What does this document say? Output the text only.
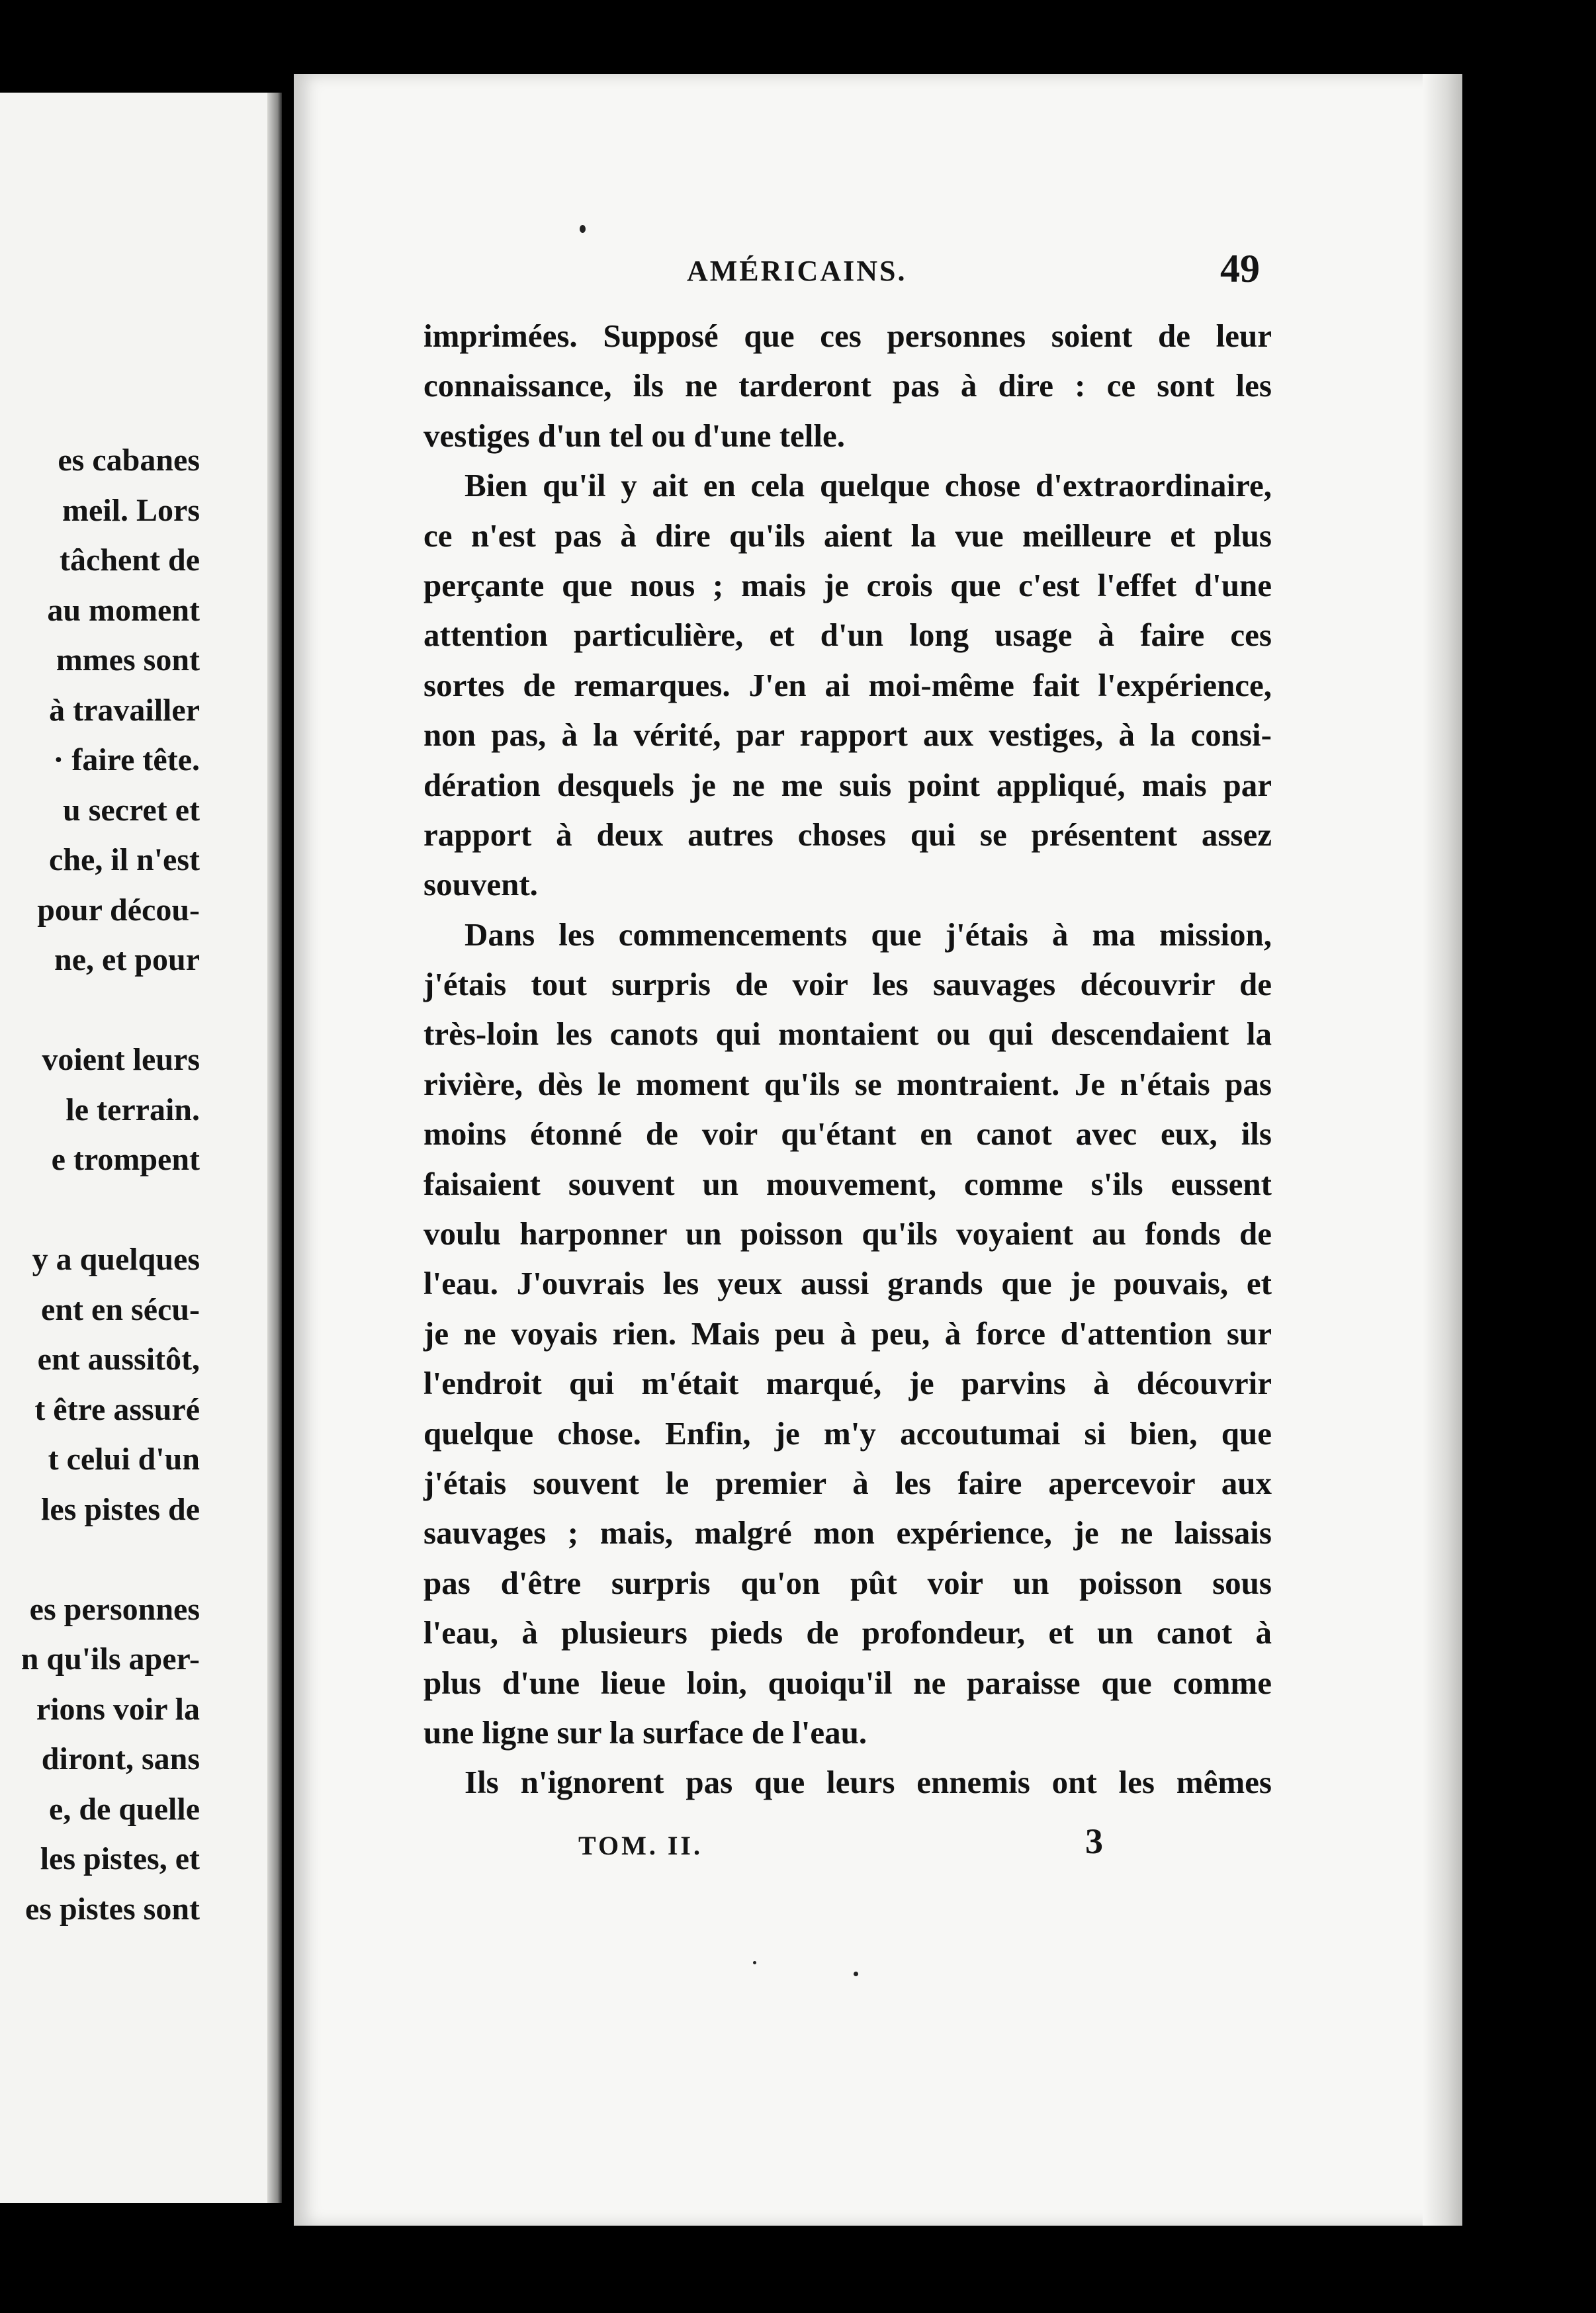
es cabanes
meil. Lors
tâchent de
au moment
mmes sont
à travailler
· faire tête.
u secret et
che, il n'est
pour décou-
ne, et pour
voient leurs
le terrain.
e trompent
y a quelques
ent en sécu-
ent aussitôt,
t être assuré
t celui d'un
les pistes de
es personnes
n qu'ils aper-
rions voir la
diront, sans
e, de quelle
les pistes, et
es pistes sont
AMÉRICAINS.	49
imprimées. Supposé que ces personnes soient de leur
connaissance, ils ne tarderont pas à dire : ce sont les
vestiges d'un tel ou d'une telle.
Bien qu'il y ait en cela quelque chose d'extraordinaire,
ce n'est pas à dire qu'ils aient la vue meilleure et plus
perçante que nous ; mais je crois que c'est l'effet d'une
attention particulière, et d'un long usage à faire ces
sortes de remarques. J'en ai moi-même fait l'expérience,
non pas, à la vérité, par rapport aux vestiges, à la consi-
dération desquels je ne me suis point appliqué, mais par
rapport à deux autres choses qui se présentent assez
souvent.
Dans les commencements que j'étais à ma mission,
j'étais tout surpris de voir les sauvages découvrir de
très-loin les canots qui montaient ou qui descendaient la
rivière, dès le moment qu'ils se montraient. Je n'étais pas
moins étonné de voir qu'étant en canot avec eux, ils
faisaient souvent un mouvement, comme s'ils eussent
voulu harponner un poisson qu'ils voyaient au fonds de
l'eau. J'ouvrais les yeux aussi grands que je pouvais, et
je ne voyais rien. Mais peu à peu, à force d'attention sur
l'endroit qui m'était marqué, je parvins à découvrir
quelque chose. Enfin, je m'y accoutumai si bien, que
j'étais souvent le premier à les faire apercevoir aux
sauvages ; mais, malgré mon expérience, je ne laissais
pas d'être surpris qu'on pût voir un poisson sous
l'eau, à plusieurs pieds de profondeur, et un canot à
plus d'une lieue loin, quoiqu'il ne paraisse que comme
une ligne sur la surface de l'eau.
Ils n'ignorent pas que leurs ennemis ont les mêmes
TOM. II.	3
